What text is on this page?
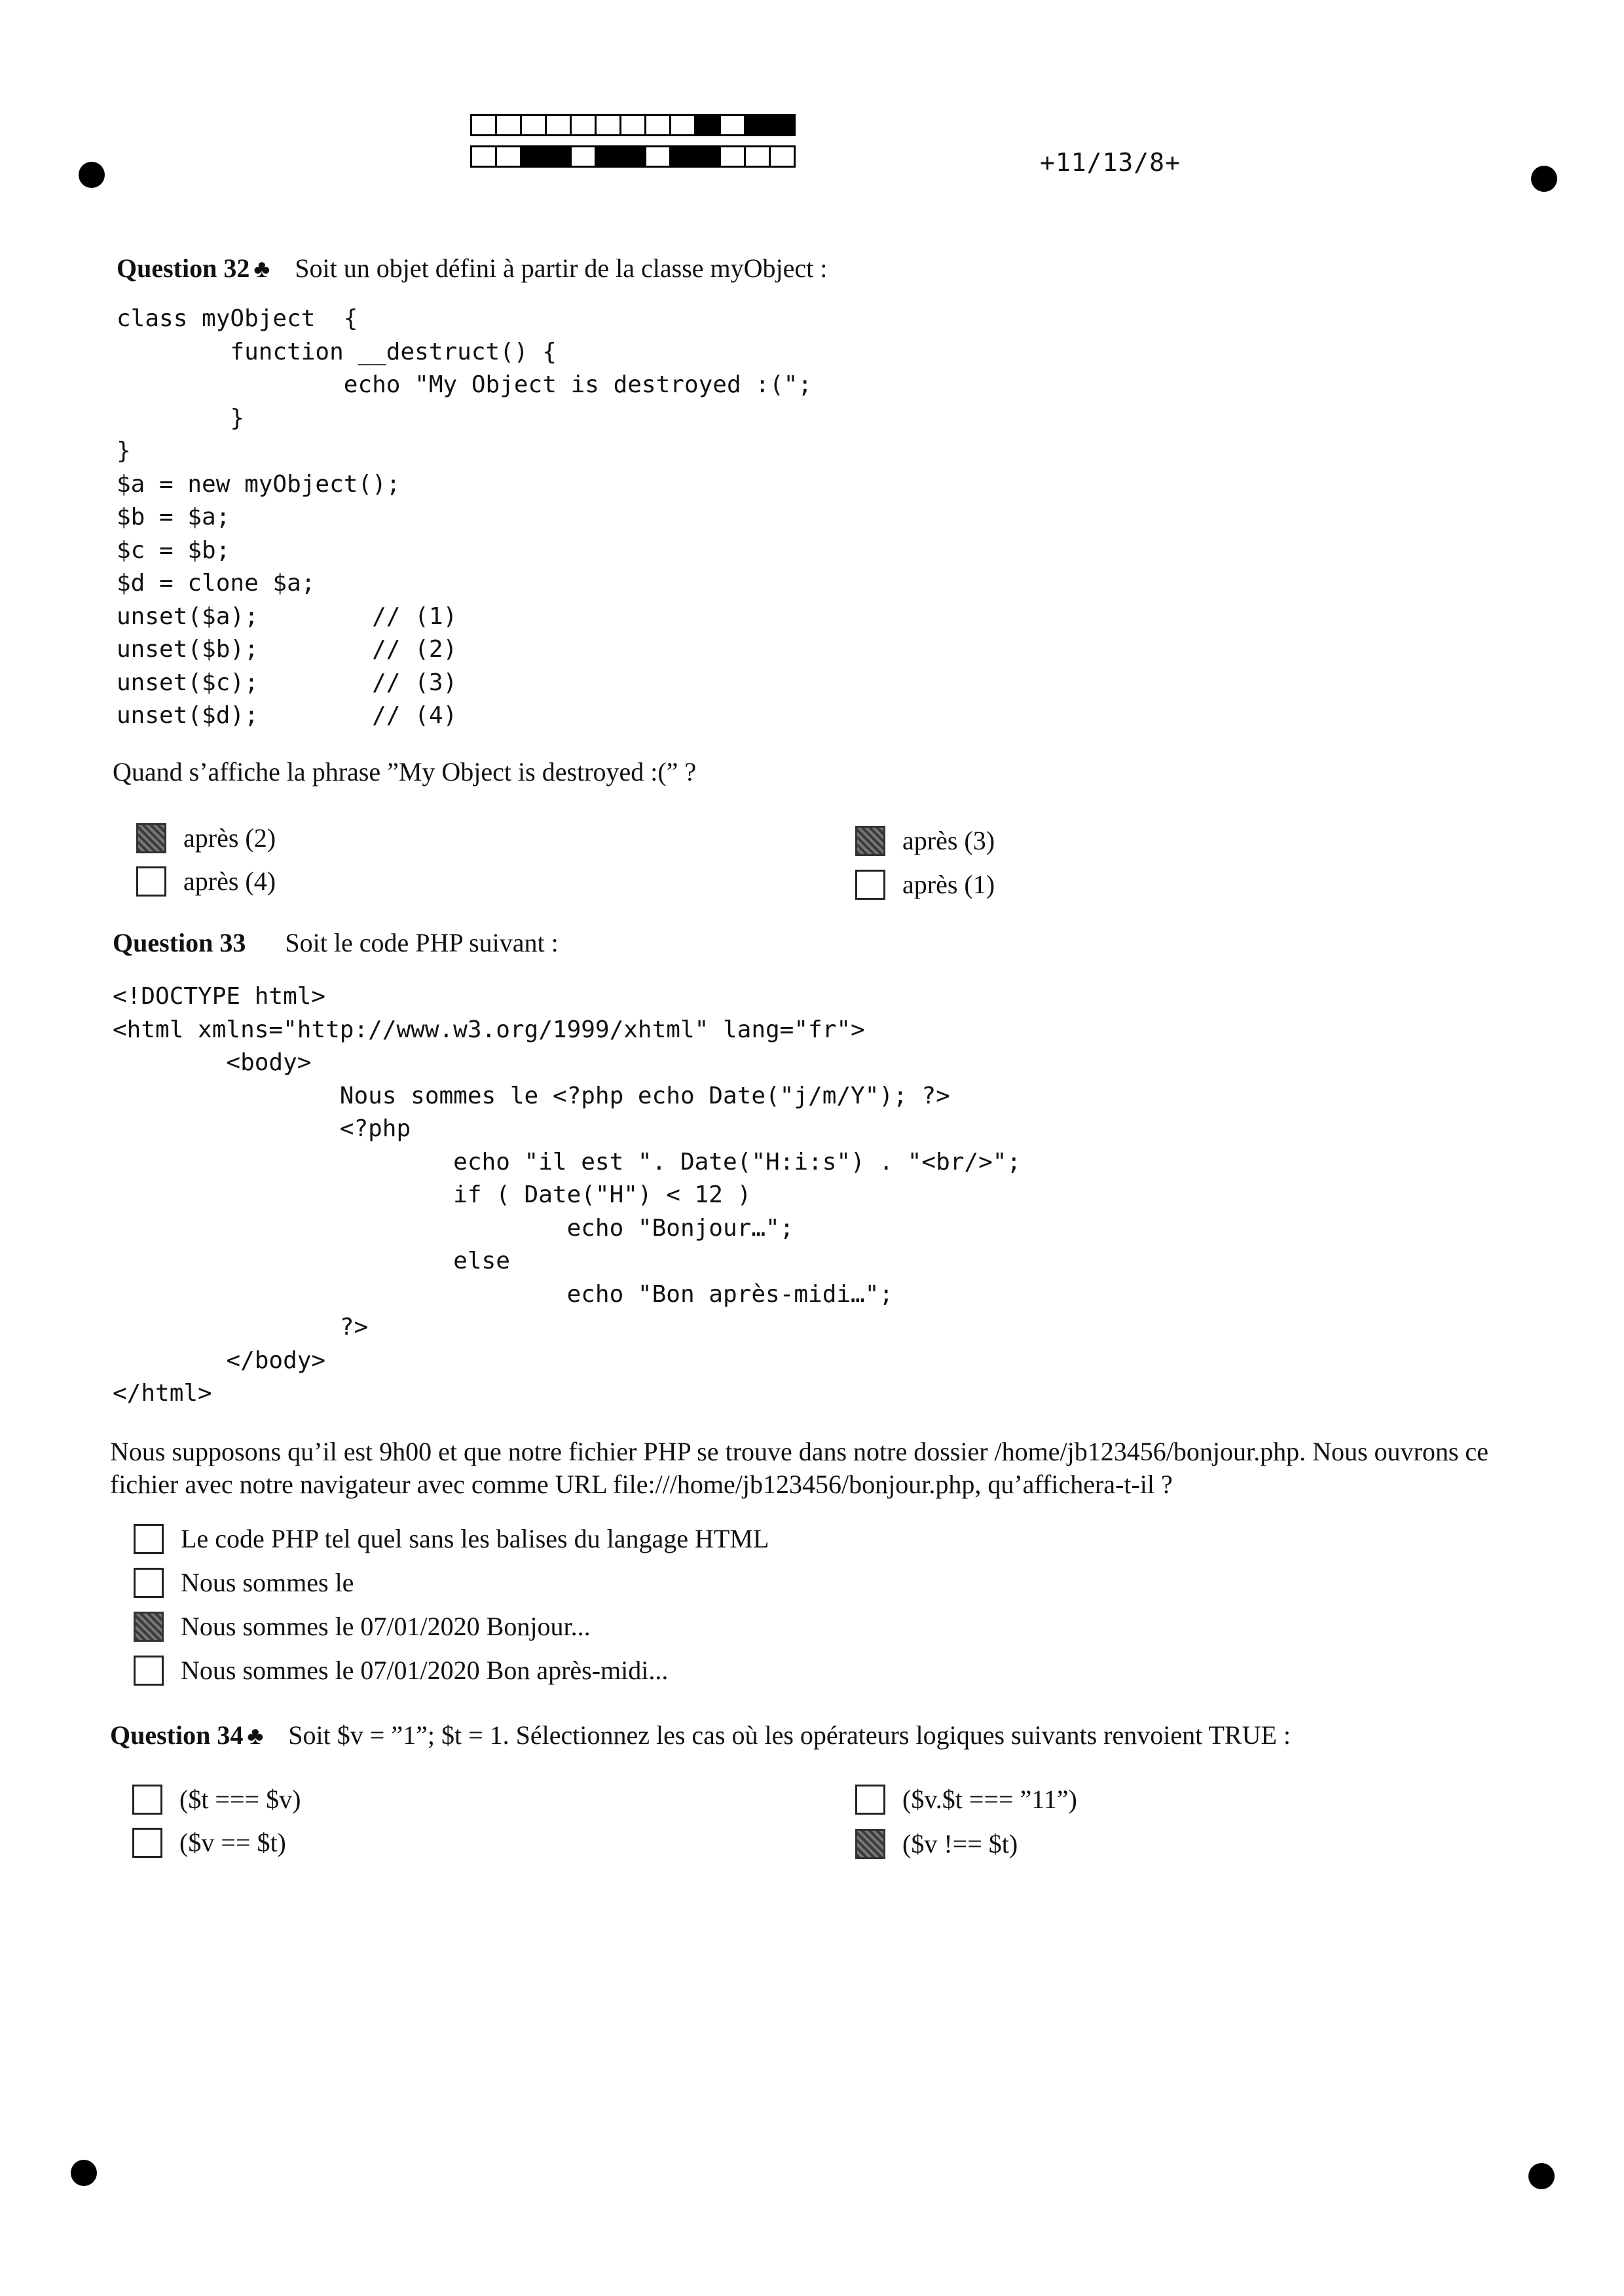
+11/13/8+
Question 32 ♣ Soit un objet défini à partir de la classe myObject :
class myObject  {
function __destruct() {
echo "My Object is destroyed :(";
}
}
$a = new myObject();
$b = $a;
$c = $b;
$d = clone $a;
unset($a);        // (1)
unset($b);        // (2)
unset($c);        // (3)
unset($d);        // (4)
Quand s’affiche la phrase ”My Object is destroyed :(” ?
après (2)	après (3)
après (4)	après (1)
Question 33 Soit le code PHP suivant :
<!DOCTYPE html>
<html xmlns="http://www.w3.org/1999/xhtml" lang="fr">
<body>
Nous sommes le <?php echo Date("j/m/Y"); ?>
<?php
echo "il est ". Date("H:i:s") . "<br/>";
if ( Date("H") < 12 )
echo "Bonjour…";
else
echo "Bon après-midi…";
?>
</body>
</html>
Nous supposons qu’il est 9h00 et que notre fichier PHP se trouve dans notre dossier /home/jb123456/bonjour.php. Nous ouvrons ce fichier avec notre navigateur avec comme URL file:///home/jb123456/bonjour.php, qu’affichera-t-il ?
Le code PHP tel quel sans les balises du langage HTML
Nous sommes le
Nous sommes le 07/01/2020 Bonjour...
Nous sommes le 07/01/2020 Bon après-midi...
Question 34 ♣ Soit $v = ”1”; $t = 1. Sélectionnez les cas où les opérateurs logiques suivants renvoient TRUE :
($t === $v)	($v.$t === ”11”)
($v == $t)	($v !== $t)
